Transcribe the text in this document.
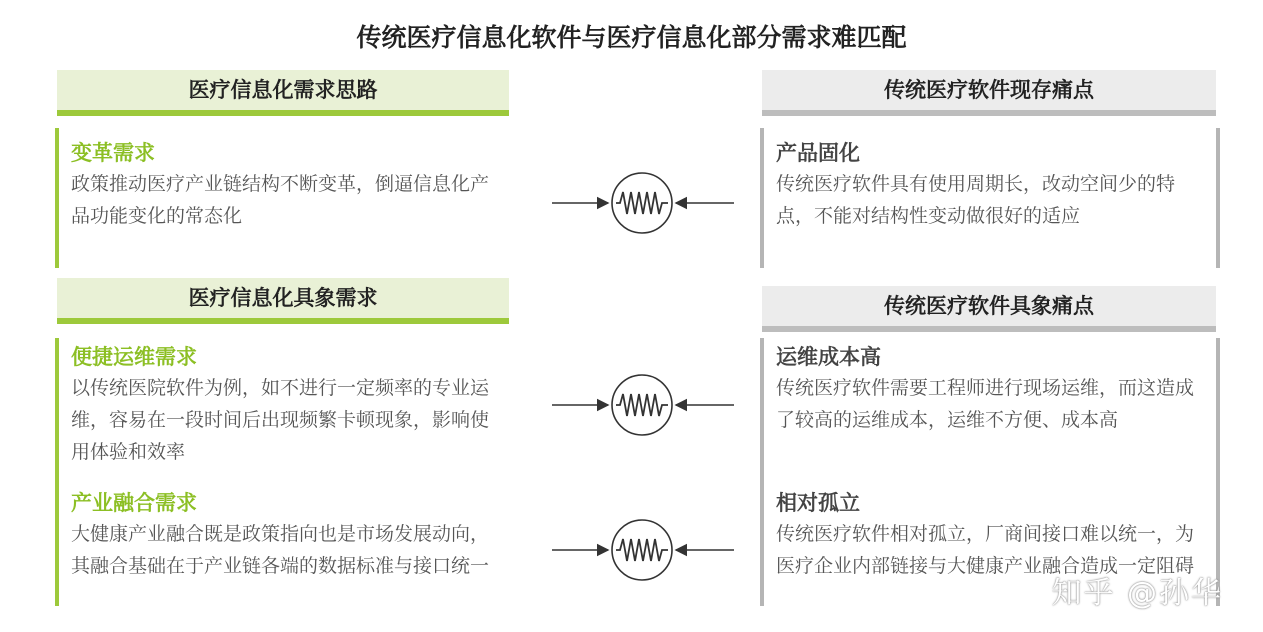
传统医疗信息化软件与医疗信息化部分需求难匹配
医疗信息化需求思路
医疗信息化具象需求
传统医疗软件现存痛点
传统医疗软件具象痛点
变革需求
政策推动医疗产业链结构不断变革，倒逼信息化产品功能变化的常态化
便捷运维需求
以传统医院软件为例，如不进行一定频率的专业运维，容易在一段时间后出现频繁卡顿现象，影响使用体验和效率
产业融合需求
大健康产业融合既是政策指向也是市场发展动向，其融合基础在于产业链各端的数据标准与接口统一
产品固化
传统医疗软件具有使用周期长，改动空间少的特点，不能对结构性变动做很好的适应
运维成本高
传统医疗软件需要工程师进行现场运维，而这造成了较高的运维成本，运维不方便、成本高
相对孤立
传统医疗软件相对孤立，厂商间接口难以统一，为医疗企业内部链接与大健康产业融合造成一定阻碍
知乎 @孙华
